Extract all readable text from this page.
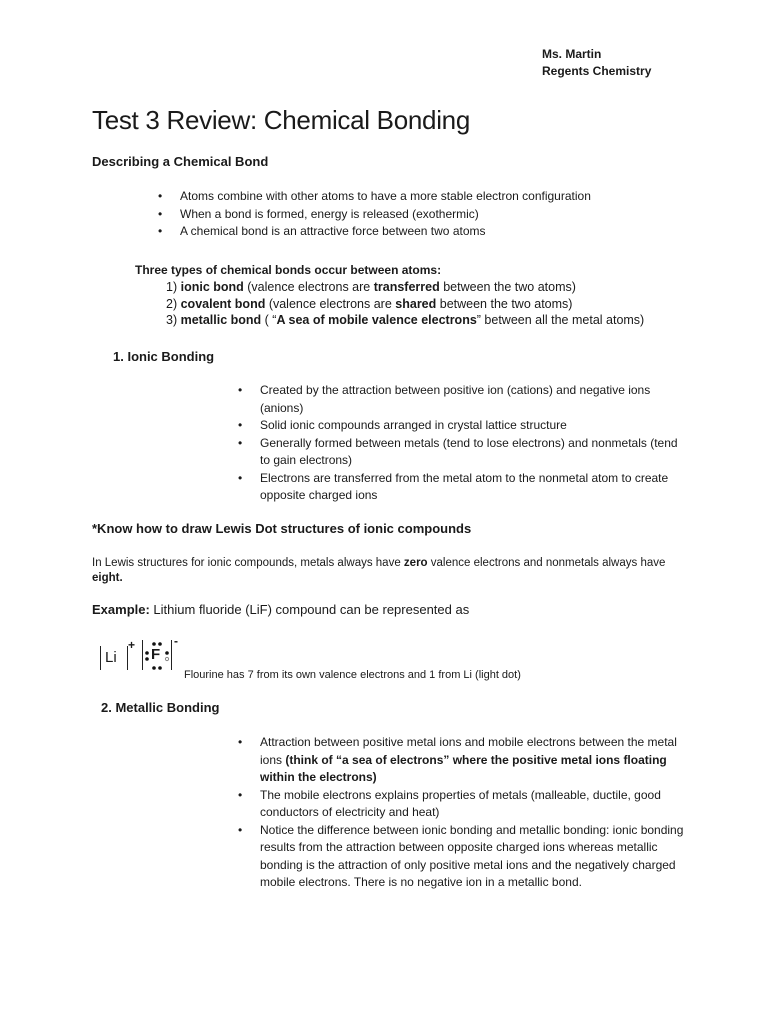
Ms. Martin
Regents Chemistry
Test 3 Review: Chemical Bonding
Describing a Chemical Bond
• Atoms combine with other atoms to have a more stable electron configuration
• When a bond is formed, energy is released (exothermic)
• A chemical bond is an attractive force between two atoms
Three types of chemical bonds occur between atoms:
1) ionic bond (valence electrons are transferred between the two atoms)
2) covalent bond (valence electrons are shared between the two atoms)
3) metallic bond ( “A sea of mobile valence electrons” between all the metal atoms)
1. Ionic Bonding
• Created by the attraction between positive ion (cations) and negative ions (anions)
• Solid ionic compounds arranged in crystal lattice structure
• Generally formed between metals (tend to lose electrons) and nonmetals (tend to gain electrons)
• Electrons are transferred from the metal atom to the nonmetal atom to create opposite charged ions
*Know how to draw Lewis Dot structures of ionic compounds
In Lewis structures for ionic compounds, metals always have zero valence electrons and nonmetals always have eight.
Example: Lithium fluoride (LiF) compound can be represented as
Li
+
F
-
Flourine has 7 from its own valence electrons and 1 from Li (light dot)
2. Metallic Bonding
• Attraction between positive metal ions and mobile electrons between the metal ions (think of “a sea of electrons” where the positive metal ions floating within the electrons)
• The mobile electrons explains properties of metals (malleable, ductile, good conductors of electricity and heat)
• Notice the difference between ionic bonding and metallic bonding: ionic bonding results from the attraction between opposite charged ions whereas metallic bonding is the attraction of only positive metal ions and the negatively charged mobile electrons. There is no negative ion in a metallic bond.
